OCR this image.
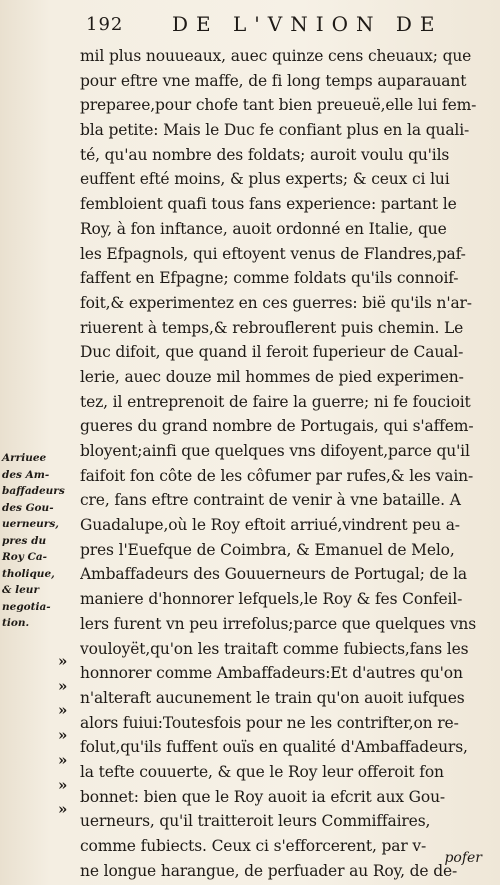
192 DE L'VNION DE
mil plus nouueaux, auec quinze cens cheuaux; que
pour eftre vne maffe, de fi long temps auparauant
preparee,pour chofe tant bien preueuë,elle lui fem-
bla petite: Mais le Duc fe confiant plus en la quali-
té, qu'au nombre des foldats; auroit voulu qu'ils
euffent efté moins, & plus experts; & ceux ci lui
fembloient quafi tous fans experience: partant le
Roy, à fon inftance, auoit ordonné en Italie, que
les Efpagnols, qui eftoyent venus de Flandres,paf-
faffent en Efpagne; comme foldats qu'ils connoif-
foit,& experimentez en ces guerres: bië qu'ils n'ar-
riuerent à temps,& rebrouflerent puis chemin. Le
Duc difoit, que quand il feroit fuperieur de Caual-
lerie, auec douze mil hommes de pied experimen-
tez, il entreprenoit de faire la guerre; ni fe foucioit
gueres du grand nombre de Portugais, qui s'affem-
bloyent;ainfi que quelques vns difoyent,parce qu'il
faifoit fon côte de les côfumer par rufes,& les vain-
cre, fans eftre contraint de venir à vne bataille. A
Guadalupe,où le Roy eftoit arriué,vindrent peu a-
pres l'Euefque de Coimbra, & Emanuel de Melo,
Ambaffadeurs des Gouuerneurs de Portugal; de la
maniere d'honnorer lefquels,le Roy & fes Confeil-
lers furent vn peu irrefolus;parce que quelques vns
vouloyët,qu'on les traitaft comme fubiects,fans les
honnorer comme Ambaffadeurs:Et d'autres qu'on
n'alteraft aucunement le train qu'on auoit iufques
alors fuiui:Toutesfois pour ne les contrifter,on re-
folut,qu'ils fuffent ouïs en qualité d'Ambaffadeurs,
la tefte couuerte, & que le Roy leur offeroit fon
bonnet: bien que le Roy auoit ia efcrit aux Gou-
uerneurs, qu'il traitteroit leurs Commiffaires,
comme fubiects. Ceux ci s'efforcerent, par v-
ne longue harangue, de perfuader au Roy, de de-
Arriuee
des Am-
baffadeurs
des Gou-
uerneurs,
pres du
Roy Ca-
tholique,
& leur
negotia-
tion.
»
»
»
»
»
»
»
pofer
